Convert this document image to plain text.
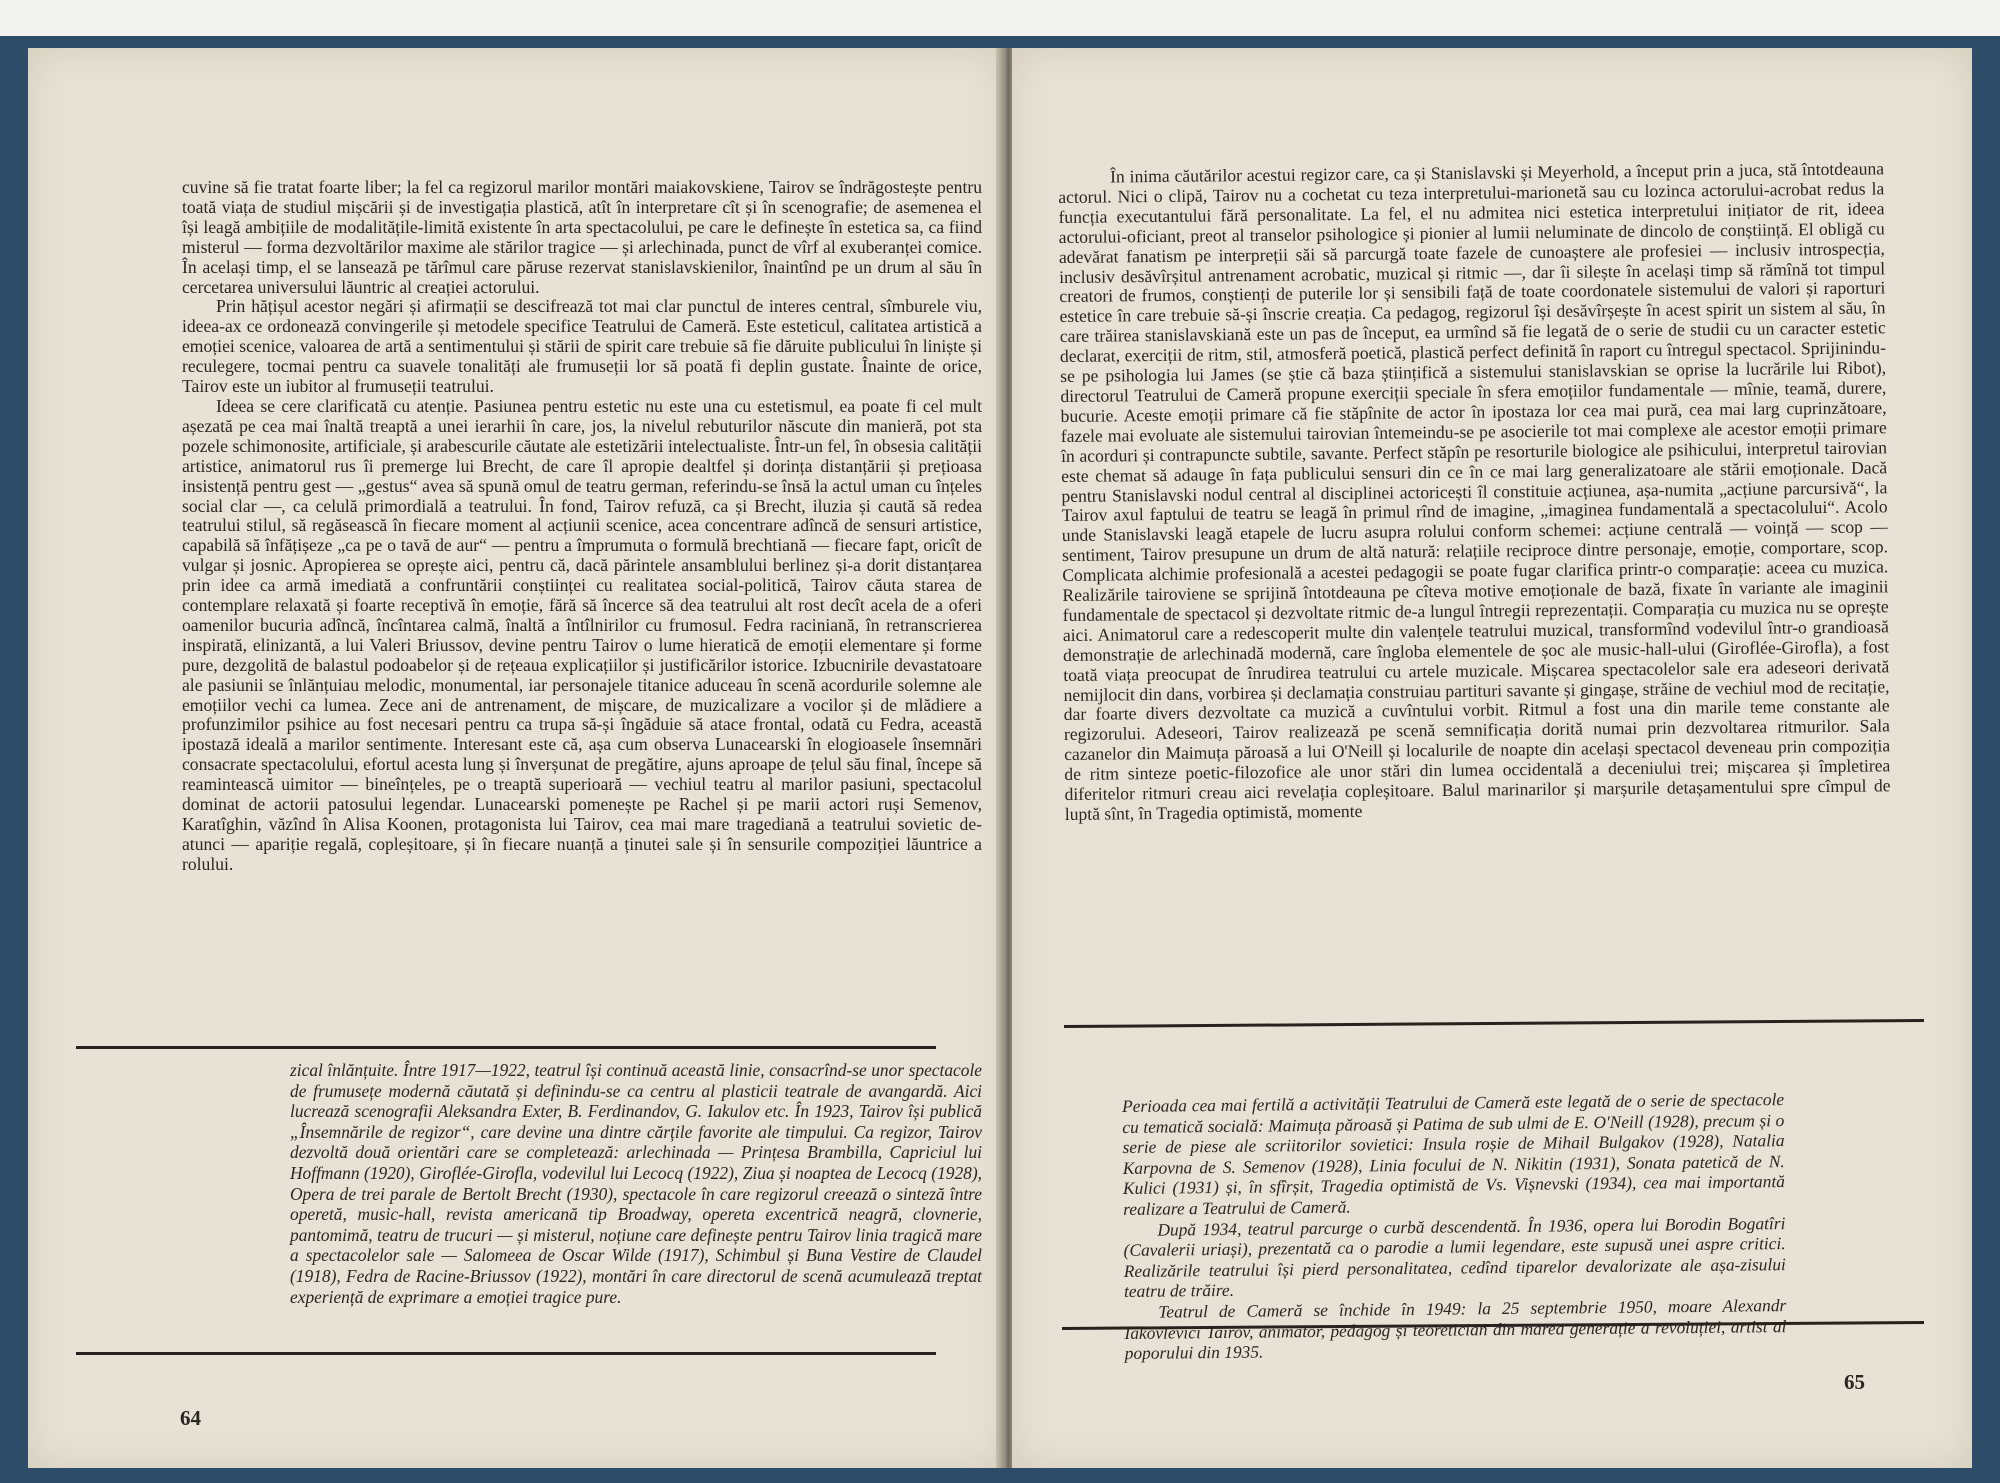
cuvine să fie tratat foarte liber; la fel ca regizorul marilor montări maiakovskiene, Tairov se îndrăgostește pentru toată viața de studiul mișcării și de investigația plastică, atît în interpretare cît și în scenografie; de asemenea el își leagă ambițiile de modalitățile-limită existente în arta spectacolului, pe care le definește în estetica sa, ca fiind misterul — forma dezvoltărilor maxime ale stărilor tragice — și arlechinada, punct de vîrf al exuberanței comice. În același timp, el se lansează pe tărîmul care păruse rezervat stanislavskienilor, înaintînd pe un drum al său în cercetarea universului lăuntric al creației actorului.

Prin hățișul acestor negări și afirmații se descifrează tot mai clar punctul de interes central, sîmburele viu, ideea-ax ce ordonează convingerile și metodele specifice Teatrului de Cameră. Este esteticul, calitatea artistică a emoției scenice, valoarea de artă a sentimentului și stării de spirit care trebuie să fie dăruite publicului în liniște și reculegere, tocmai pentru ca suavele tonalități ale frumuseții lor să poată fi deplin gustate. Înainte de orice, Tairov este un iubitor al frumuseții teatrului.

Ideea se cere clarificată cu atenție. Pasiunea pentru estetic nu este una cu estetismul, ea poate fi cel mult așezată pe cea mai înaltă treaptă a unei ierarhii în care, jos, la nivelul rebuturilor născute din manieră, pot sta pozele schimonosite, artificiale, și arabescurile căutate ale estetizării intelectualiste. Într-un fel, în obsesia calității artistice, animatorul rus îi premerge lui Brecht, de care îl apropie dealtfel și dorința distanțării și prețioasa insistență pentru gest — „gestus“ avea să spună omul de teatru german, referindu-se însă la actul uman cu înțeles social clar —, ca celulă primordială a teatrului. În fond, Tairov refuză, ca și Brecht, iluzia și caută să redea teatrului stilul, să regăsească în fiecare moment al acțiunii scenice, acea concentrare adîncă de sensuri artistice, capabilă să înfățișeze „ca pe o tavă de aur“ — pentru a împrumuta o formulă brechtiană — fiecare fapt, oricît de vulgar și josnic. Apropierea se oprește aici, pentru că, dacă părintele ansamblului berlinez și-a dorit distanțarea prin idee ca armă imediată a confruntării conștiinței cu realitatea social-politică, Tairov căuta starea de contemplare relaxată și foarte receptivă în emoție, fără să încerce să dea teatrului alt rost decît acela de a oferi oamenilor bucuria adîncă, încîntarea calmă, înaltă a întîlnirilor cu frumosul. Fedra raciniană, în retranscrierea inspirată, elinizantă, a lui Valeri Briussov, devine pentru Tairov o lume hieratică de emoții elementare și forme pure, dezgolită de balastul podoabelor și de rețeaua explicațiilor și justificărilor istorice. Izbucnirile devastatoare ale pasiunii se înlănțuiau melodic, monumental, iar personajele titanice aduceau în scenă acordurile solemne ale emoțiilor vechi ca lumea. Zece ani de antrenament, de mișcare, de muzicalizare a vocilor și de mlădiere a profunzimilor psihice au fost necesari pentru ca trupa să-și îngăduie să atace frontal, odată cu Fedra, această ipostază ideală a marilor sentimente. Interesant este că, așa cum observa Lunacearski în elogioasele însemnări consacrate spectacolului, efortul acesta lung și înverșunat de pregătire, ajuns aproape de țelul său final, începe să reamintească uimitor — bineînțeles, pe o treaptă superioară — vechiul teatru al marilor pasiuni, spectacolul dominat de actorii patosului legendar. Lunacearski pomenește pe Rachel și pe marii actori ruși Semenov, Karatîghin, văzînd în Alisa Koonen, protagonista lui Tairov, cea mai mare tragediană a teatrului sovietic de-atunci — apariție regală, copleșitoare, și în fiecare nuanță a ținutei sale și în sensurile compoziției lăuntrice a rolului.

zical înlănțuite. Între 1917—1922, teatrul își continuă această linie, consacrînd-se unor spectacole de frumusețe modernă căutată și definindu-se ca centru al plasticii teatrale de avangardă. Aici lucrează scenografii Aleksandra Exter, B. Ferdinandov, G. Iakulov etc. În 1923, Tairov își publică „Însemnările de regizor“, care devine una dintre cărțile favorite ale timpului. Ca regizor, Tairov dezvoltă două orientări care se completează: arlechinada — Prințesa Brambilla, Capriciul lui Hoffmann (1920), Giroflée-Girofla, vodevilul lui Lecocq (1922), Ziua și noaptea de Lecocq (1928), Opera de trei parale de Bertolt Brecht (1930), spectacole în care regizorul creează o sinteză între operetă, music-hall, revista americană tip Broadway, opereta excentrică neagră, clovnerie, pantomimă, teatru de trucuri — și misterul, noțiune care definește pentru Tairov linia tragică mare a spectacolelor sale — Salomeea de Oscar Wilde (1917), Schimbul și Buna Vestire de Claudel (1918), Fedra de Racine-Briussov (1922), montări în care directorul de scenă acumulează treptat experiență de exprimare a emoției tragice pure.

64

În inima căutărilor acestui regizor care, ca și Stanislavski și Meyerhold, a început prin a juca, stă întotdeauna actorul. Nici o clipă, Tairov nu a cochetat cu teza interpretului-marionetă sau cu lozinca actorului-acrobat redus la funcția executantului fără personalitate. La fel, el nu admitea nici estetica interpretului inițiator de rit, ideea actorului-oficiant, preot al transelor psihologice și pionier al lumii neluminate de dincolo de conștiință. El obligă cu adevărat fanatism pe interpreții săi să parcurgă toate fazele de cunoaștere ale profesiei — inclusiv introspecția, inclusiv desăvîrșitul antrenament acrobatic, muzical și ritmic —, dar îi silește în același timp să rămînă tot timpul creatori de frumos, conștienți de puterile lor și sensibili față de toate coordonatele sistemului de valori și raporturi estetice în care trebuie să-și înscrie creația. Ca pedagog, regizorul își desăvîrșește în acest spirit un sistem al său, în care trăirea stanislavskiană este un pas de început, ea urmînd să fie legată de o serie de studii cu un caracter estetic declarat, exerciții de ritm, stil, atmosferă poetică, plastică perfect definită în raport cu întregul spectacol. Sprijinindu-se pe psihologia lui James (se știe că baza științifică a sistemului stanislavskian se oprise la lucrările lui Ribot), directorul Teatrului de Cameră propune exerciții speciale în sfera emoțiilor fundamentale — mînie, teamă, durere, bucurie. Aceste emoții primare că fie stăpînite de actor în ipostaza lor cea mai pură, cea mai larg cuprinzătoare, fazele mai evoluate ale sistemului tairovian întemeindu-se pe asocierile tot mai complexe ale acestor emoții primare în acorduri și contrapuncte subtile, savante. Perfect stăpîn pe resorturile biologice ale psihicului, interpretul tairovian este chemat să adauge în fața publicului sensuri din ce în ce mai larg generalizatoare ale stării emoționale. Dacă pentru Stanislavski nodul central al disciplinei actoricești îl constituie acțiunea, așa-numita „acțiune parcursivă“, la Tairov axul faptului de teatru se leagă în primul rînd de imagine, „imaginea fundamentală a spectacolului“. Acolo unde Stanislavski leagă etapele de lucru asupra rolului conform schemei: acțiune centrală — voință — scop — sentiment, Tairov presupune un drum de altă natură: relațiile reciproce dintre personaje, emoție, comportare, scop. Complicata alchimie profesională a acestei pedagogii se poate fugar clarifica printr-o comparație: aceea cu muzica. Realizările tairoviene se sprijină întotdeauna pe cîteva motive emoționale de bază, fixate în variante ale imaginii fundamentale de spectacol și dezvoltate ritmic de-a lungul întregii reprezentații. Comparația cu muzica nu se oprește aici. Animatorul care a redescoperit multe din valențele teatrului muzical, transformînd vodevilul într-o grandioasă demonstrație de arlechinadă modernă, care îngloba elementele de șoc ale music-hall-ului (Giroflée-Girofla), a fost toată viața preocupat de înrudirea teatrului cu artele muzicale. Mișcarea spectacolelor sale era adeseori derivată nemijlocit din dans, vorbirea și declamația construiau partituri savante și gingașe, străine de vechiul mod de recitație, dar foarte divers dezvoltate ca muzică a cuvîntului vorbit. Ritmul a fost una din marile teme constante ale regizorului. Adeseori, Tairov realizează pe scenă semnificația dorită numai prin dezvoltarea ritmurilor. Sala cazanelor din Maimuța păroasă a lui O'Neill și localurile de noapte din același spectacol deveneau prin compoziția de ritm sinteze poetic-filozofice ale unor stări din lumea occidentală a deceniului trei; mișcarea și împletirea diferitelor ritmuri creau aici revelația copleșitoare. Balul marinarilor și marșurile detașamentului spre cîmpul de luptă sînt, în Tragedia optimistă, momente

Perioada cea mai fertilă a activității Teatrului de Cameră este legată de o serie de spectacole cu tematică socială: Maimuța păroasă și Patima de sub ulmi de E. O'Neill (1928), precum și o serie de piese ale scriitorilor sovietici: Insula roșie de Mihail Bulgakov (1928), Natalia Karpovna de S. Semenov (1928), Linia focului de N. Nikitin (1931), Sonata patetică de N. Kulici (1931) și, în sfîrșit, Tragedia optimistă de Vs. Vișnevski (1934), cea mai importantă realizare a Teatrului de Cameră.

După 1934, teatrul parcurge o curbă descendentă. În 1936, opera lui Borodin Bogatîri (Cavalerii uriași), prezentată ca o parodie a lumii legendare, este supusă unei aspre critici. Realizările teatrului își pierd personalitatea, cedînd tiparelor devalorizate ale așa-zisului teatru de trăire.

Teatrul de Cameră se închide în 1949: la 25 septembrie 1950, moare Alexandr Iakovlevici Tairov, animator, pedagog și teoretician din marea generație a revoluției, artist al poporului din 1935.

65
